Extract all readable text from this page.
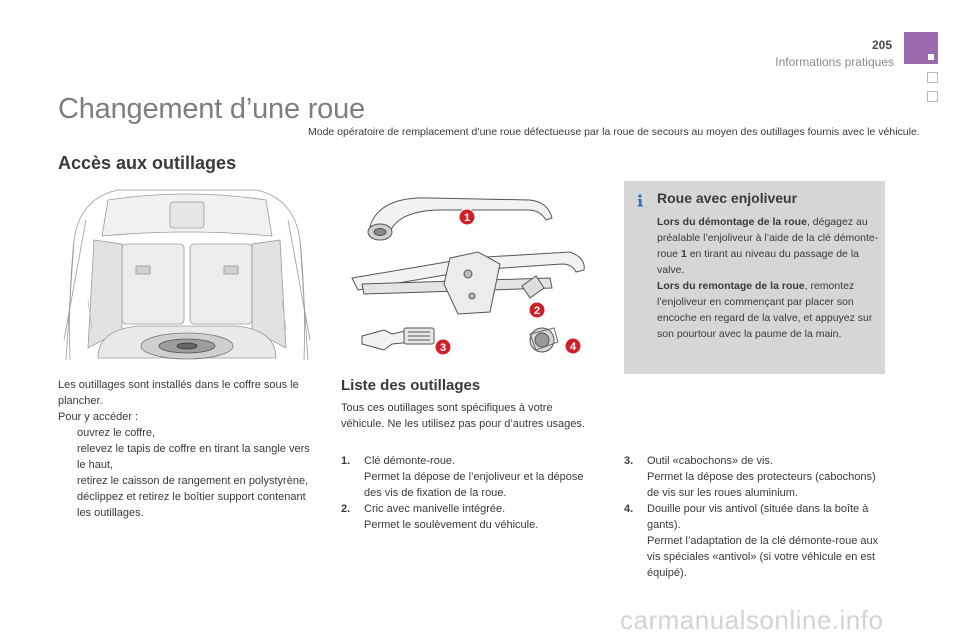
205
Informations pratiques
Changement d’une roue
Mode opératoire de remplacement d’une roue défectueuse par la roue de secours au moyen des outillages fournis avec le véhicule.
Accès aux outillages

Les outillages sont installés dans le coffre sous le plancher.

Pour y accéder :

ouvrez le coffre,
relevez le tapis de coffre en tirant la sangle vers le haut,
retirez le caisson de rangement en polystyrène,
déclippez et retirez le boîtier support contenant les outillages.
1
2
3	4
Liste des outillages

Tous ces outillages sont spécifiques à votre véhicule. Ne les utilisez pas pour d’autres usages.

1. Clé démonte-roue.
Permet la dépose de l’enjoliveur et la dépose des vis de fixation de la roue.
2. Cric avec manivelle intégrée.
Permet le soulèvement du véhicule.
3. Outil «cabochons» de vis.
Permet la dépose des protecteurs (cabochons) de vis sur les roues aluminium.
4. Douille pour vis antivol (située dans la boîte à gants).
Permet l’adaptation de la clé démonte-roue aux vis spéciales «antivol» (si votre véhicule en est équipé).
Roue avec enjoliveur
Lors du démontage de la roue, dégagez au préalable l’enjoliveur à l’aide de la clé démonte-roue 1 en tirant au niveau du passage de la valve.
Lors du remontage de la roue, remontez l’enjoliveur en commençant par placer son encoche en regard de la valve, et appuyez sur son pourtour avec la paume de la main.
carmanualsonline.info
